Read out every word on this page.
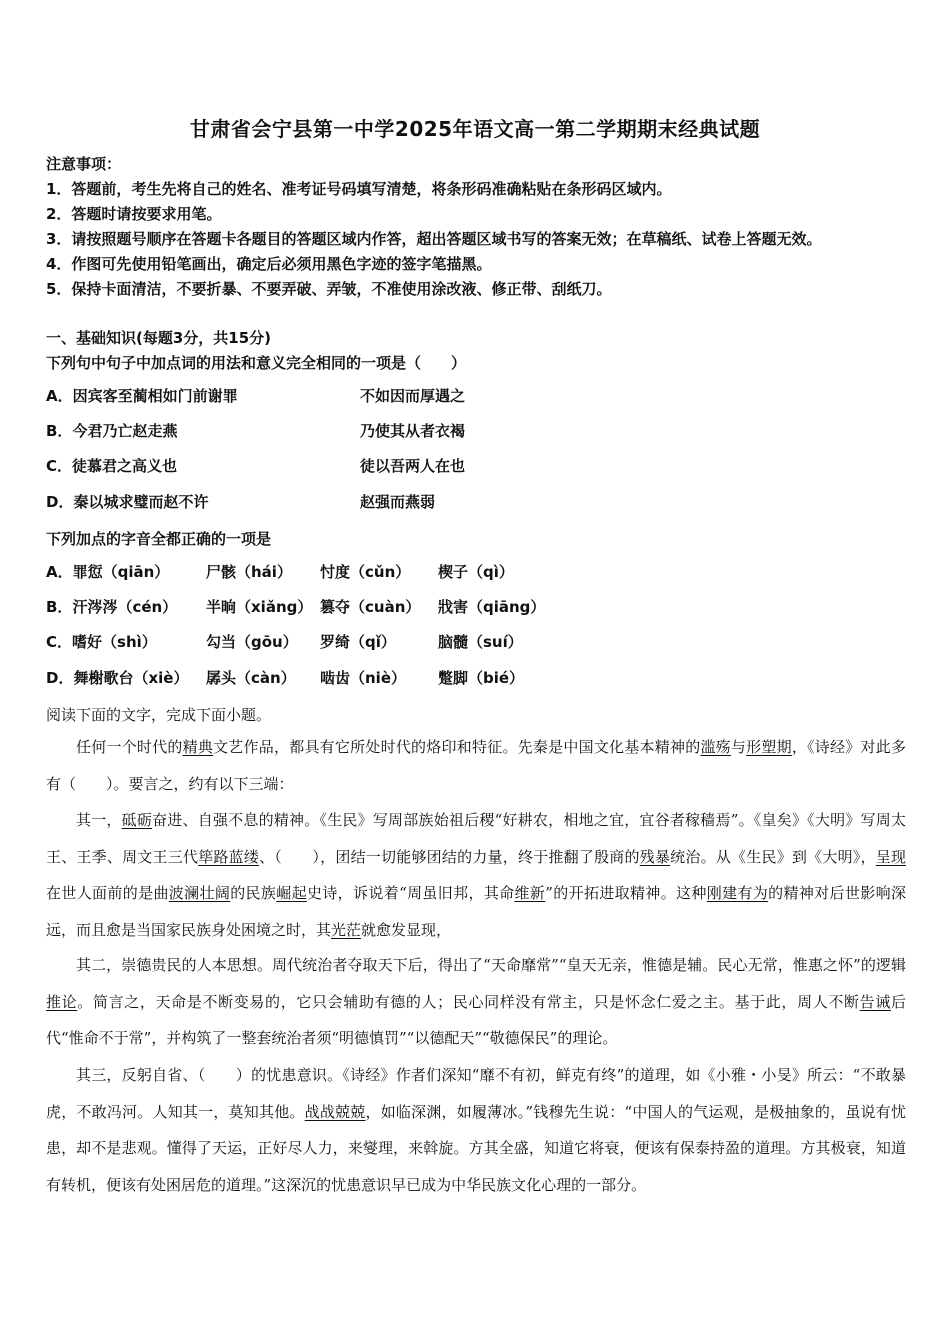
甘肃省会宁县第一中学2025年语文高一第二学期期末经典试题
注意事项：
1．答题前，考生先将自己的姓名、准考证号码填写清楚，将条形码准确粘贴在条形码区域内。
2．答题时请按要求用笔。
3．请按照题号顺序在答题卡各题目的答题区域内作答，超出答题区域书写的答案无效；在草稿纸、试卷上答题无效。
4．作图可先使用铅笔画出，确定后必须用黑色字迹的签字笔描黑。
5．保持卡面清洁，不要折暴、不要弄破、弄皱，不准使用涂改液、修正带、刮纸刀。
一、基础知识(每题3分，共15分)
下列句中句子中加点词的用法和意义完全相同的一项是（　　）
A．因宾客至蔺相如门前谢罪	不如因而厚遇之
B．今君乃亡赵走燕	乃使其从者衣褐
C．徒慕君之高义也	徒以吾两人在也
D．秦以城求璧而赵不许	赵强而燕弱
下列加点的字音全都正确的一项是
A．罪愆（qiān） 尸骸（hái） 忖度（cǔn） 楔子（qì）
B．汗涔涔（cén） 半晌（xiǎng） 篡夺（cuàn） 戕害（qiāng）
C．嗜好（shì）	勾当（gōu） 罗绮（qǐ）	脑髓（suí）
D．舞榭歌台（xiè） 孱头（càn） 啮齿（niè） 蹩脚（bié）
阅读下面的文字，完成下面小题。

任何一个时代的精典文艺作品，都具有它所处时代的烙印和特征。先秦是中国文化基本精神的滥殇与形塑期，《诗经》对此多有（　　）。要言之，约有以下三端：

其一，砥砺奋进、自强不息的精神。《生民》写周部族始祖后稷“好耕农，相地之宜，宜谷者稼穑焉”。《皇矣》《大明》写周太王、王季、周文王三代筚路蓝缕、（　　），团结一切能够团结的力量，终于推翻了殷商的残暴统治。从《生民》到《大明》，呈现在世人面前的是曲波澜壮阔的民族崛起史诗，诉说着“周虽旧邦，其命维新”的开拓进取精神。这种刚建有为的精神对后世影响深远，而且愈是当国家民族身处困境之时，其光茫就愈发显现，

其二，崇德贵民的人本思想。周代统治者夺取天下后，得出了“天命靡常”“皇天无亲，惟德是辅。民心无常，惟惠之怀”的逻辑推论。简言之，天命是不断变易的，它只会辅助有德的人；民心同样没有常主，只是怀念仁爱之主。基于此，周人不断告诫后代“惟命不于常”，并构筑了一整套统治者须“明德慎罚”“以德配天”“敬德保民”的理论。

其三，反躬自省、（　　）的忧患意识。《诗经》作者们深知“靡不有初，鲜克有终”的道理，如《小雅・小旻》所云：“不敢暴虎，不敢冯河。人知其一，莫知其他。战战兢兢，如临深渊，如履薄冰。”钱穆先生说：“中国人的气运观，是极抽象的，虽说有忧患，却不是悲观。懂得了天运，正好尽人力，来燮理，来斡旋。方其全盛，知道它将衰，便该有保泰持盈的道理。方其极衰，知道有转机，便该有处困居危的道理。”这深沉的忧患意识早已成为中华民族文化心理的一部分。
